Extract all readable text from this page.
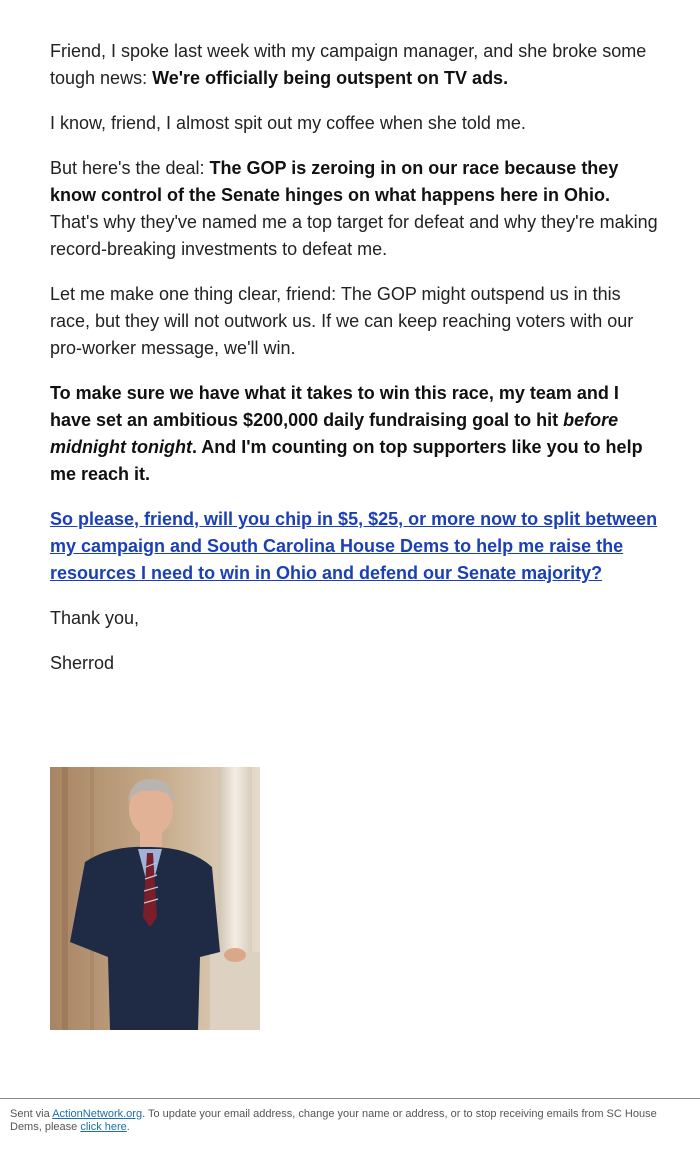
Friend, I spoke last week with my campaign manager, and she broke some tough news: We're officially being outspent on TV ads.

I know, friend, I almost spit out my coffee when she told me.

But here's the deal: The GOP is zeroing in on our race because they know control of the Senate hinges on what happens here in Ohio. That's why they've named me a top target for defeat and why they're making record-breaking investments to defeat me.

Let me make one thing clear, friend: The GOP might outspend us in this race, but they will not outwork us. If we can keep reaching voters with our pro-worker message, we'll win.

To make sure we have what it takes to win this race, my team and I have set an ambitious $200,000 daily fundraising goal to hit before midnight tonight. And I'm counting on top supporters like you to help me reach it.

So please, friend, will you chip in $5, $25, or more now to split between my campaign and South Carolina House Dems to help me raise the resources I need to win in Ohio and defend our Senate majority?

Thank you,

Sherrod

Sent via ActionNetwork.org. To update your email address, change your name or address, or to stop receiving emails from SC House Dems, please click here.
